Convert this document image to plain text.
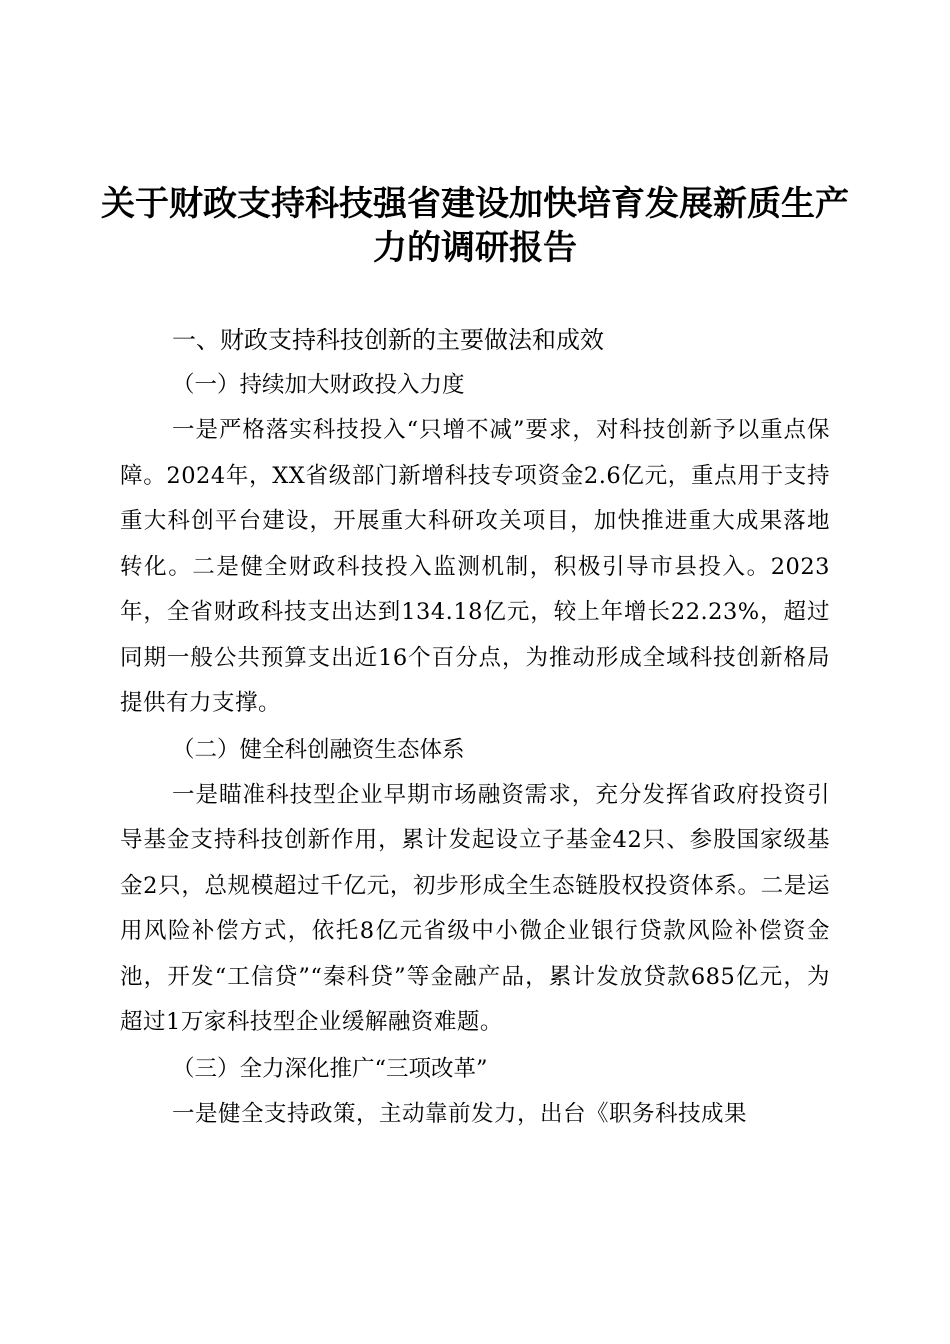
关于财政支持科技强省建设加快培育发展新质生产力的调研报告

一、财政支持科技创新的主要做法和成效

（一）持续加大财政投入力度

一是严格落实科技投入“只增不减”要求，对科技创新予以重点保障。2024年，XX省级部门新增科技专项资金2.6亿元，重点用于支持重大科创平台建设，开展重大科研攻关项目，加快推进重大成果落地转化。二是健全财政科技投入监测机制，积极引导市县投入。2023年，全省财政科技支出达到134.18亿元，较上年增长22.23%，超过同期一般公共预算支出近16个百分点，为推动形成全域科技创新格局提供有力支撑。

（二）健全科创融资生态体系

一是瞄准科技型企业早期市场融资需求，充分发挥省政府投资引导基金支持科技创新作用，累计发起设立子基金42只、参股国家级基金2只，总规模超过千亿元，初步形成全生态链股权投资体系。二是运用风险补偿方式，依托8亿元省级中小微企业银行贷款风险补偿资金池，开发“工信贷”“秦科贷”等金融产品，累计发放贷款685亿元，为超过1万家科技型企业缓解融资难题。

（三）全力深化推广“三项改革”

一是健全支持政策，主动靠前发力，出台《职务科技成果
